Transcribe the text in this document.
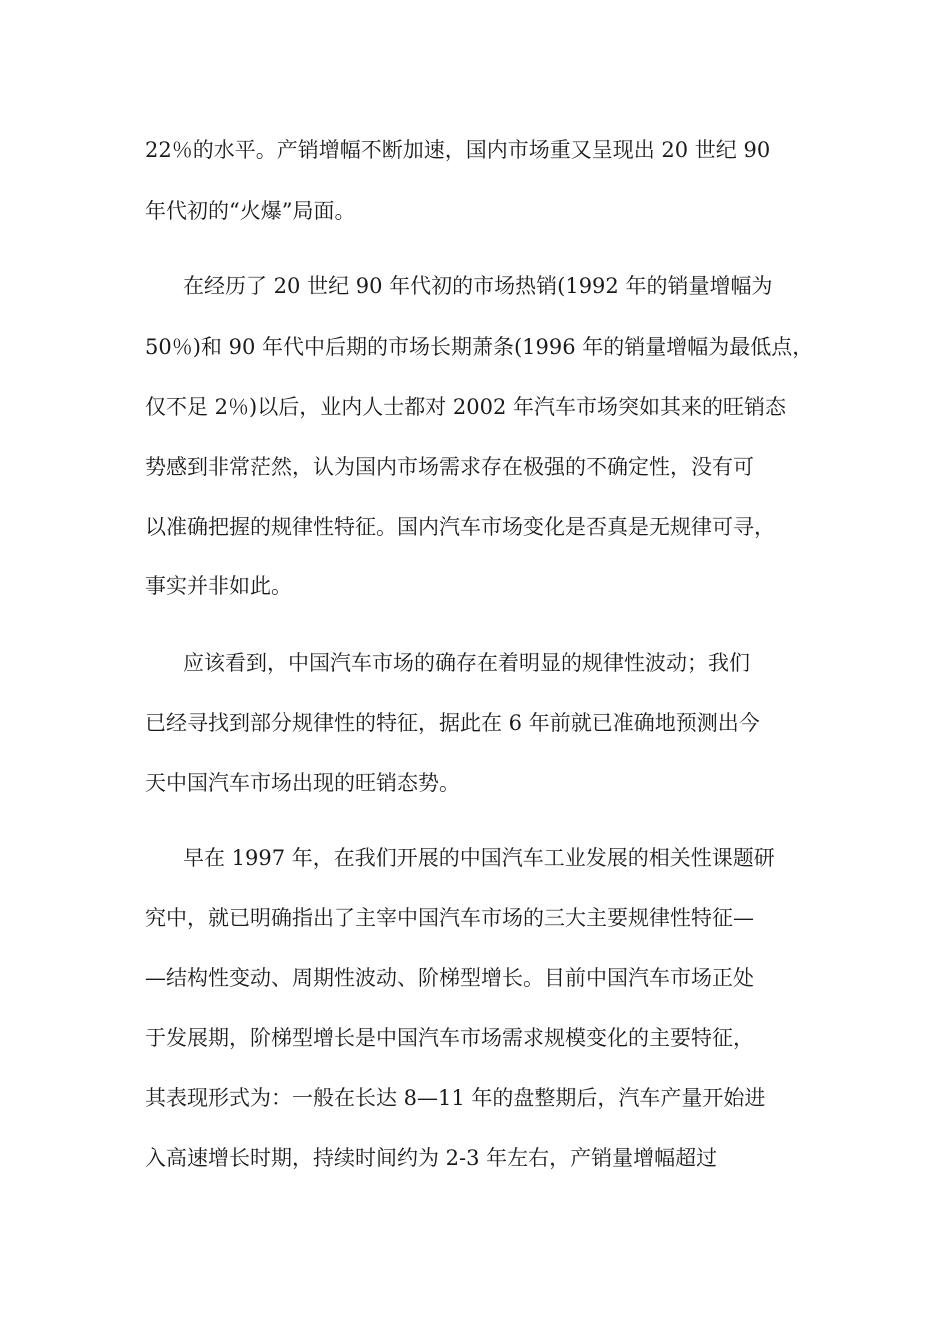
22％的水平。产销增幅不断加速，国内市场重又呈现出 20 世纪 90
年代初的“火爆”局面。
在经历了 20 世纪 90 年代初的市场热销(1992 年的销量增幅为
50％)和 90 年代中后期的市场长期萧条(1996 年的销量增幅为最低点，
仅不足 2％)以后，业内人士都对 2002 年汽车市场突如其来的旺销态
势感到非常茫然，认为国内市场需求存在极强的不确定性，没有可
以准确把握的规律性特征。国内汽车市场变化是否真是无规律可寻，
事实并非如此。
应该看到，中国汽车市场的确存在着明显的规律性波动；我们
已经寻找到部分规律性的特征，据此在 6 年前就已准确地预测出今
天中国汽车市场出现的旺销态势。
早在 1997 年，在我们开展的中国汽车工业发展的相关性课题研
究中，就已明确指出了主宰中国汽车市场的三大主要规律性特征—
—结构性变动、周期性波动、阶梯型增长。目前中国汽车市场正处
于发展期，阶梯型增长是中国汽车市场需求规模变化的主要特征，
其表现形式为：一般在长达 8—11 年的盘整期后，汽车产量开始进
入高速增长时期，持续时间约为 2-3 年左右，产销量增幅超过
